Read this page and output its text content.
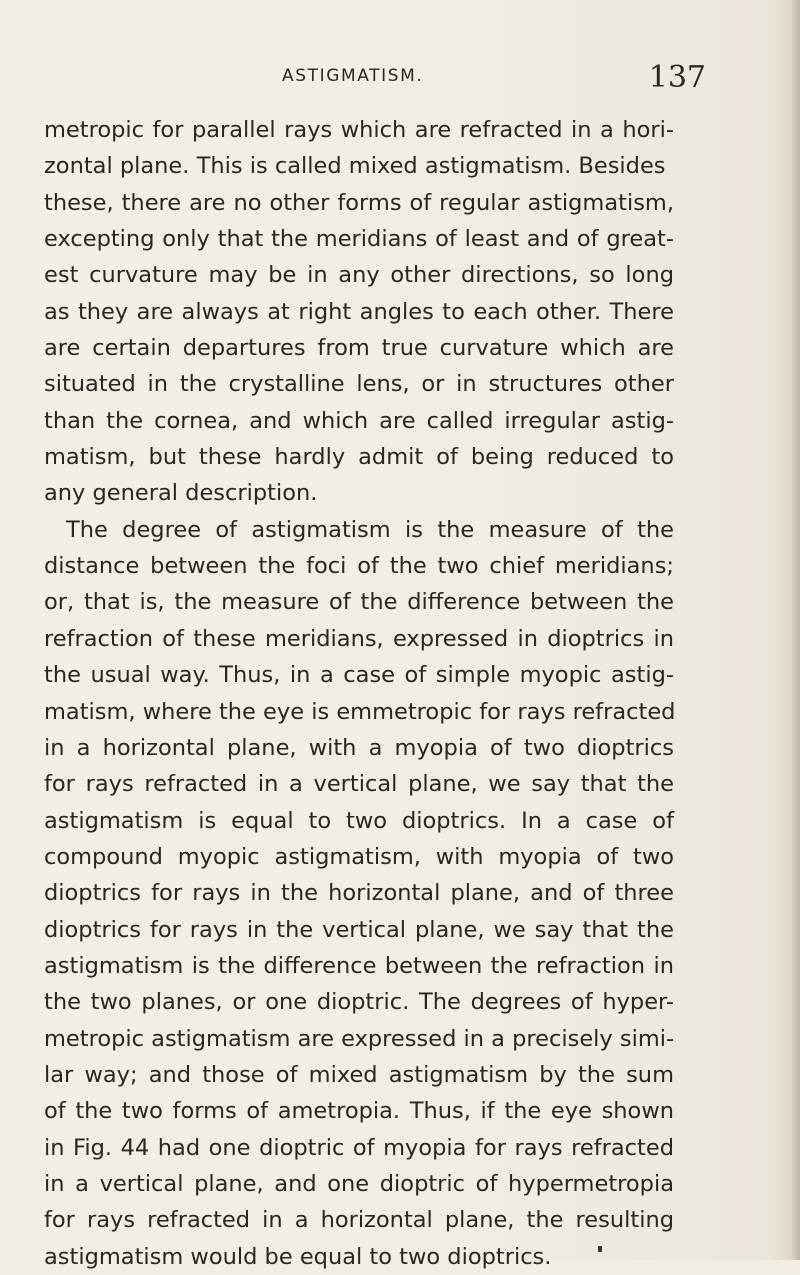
ASTIGMATISM.	137
metropic for parallel rays which are refracted in a hori-
zontal plane. This is called mixed astigmatism. Besides
these, there are no other forms of regular astigmatism,
excepting only that the meridians of least and of great-
est curvature may be in any other directions, so long
as they are always at right angles to each other. There
are certain departures from true curvature which are
situated in the crystalline lens, or in structures other
than the cornea, and which are called irregular astig-
matism, but these hardly admit of being reduced to
any general description.
The degree of astigmatism is the measure of the
distance between the foci of the two chief meridians;
or, that is, the measure of the difference between the
refraction of these meridians, expressed in dioptrics in
the usual way. Thus, in a case of simple myopic astig-
matism, where the eye is emmetropic for rays refracted
in a horizontal plane, with a myopia of two dioptrics
for rays refracted in a vertical plane, we say that the
astigmatism is equal to two dioptrics. In a case of
compound myopic astigmatism, with myopia of two
dioptrics for rays in the horizontal plane, and of three
dioptrics for rays in the vertical plane, we say that the
astigmatism is the difference between the refraction in
the two planes, or one dioptric. The degrees of hyper-
metropic astigmatism are expressed in a precisely simi-
lar way; and those of mixed astigmatism by the sum
of the two forms of ametropia. Thus, if the eye shown
in Fig. 44 had one dioptric of myopia for rays refracted
in a vertical plane, and one dioptric of hypermetropia
for rays refracted in a horizontal plane, the resulting
astigmatism would be equal to two dioptrics.
